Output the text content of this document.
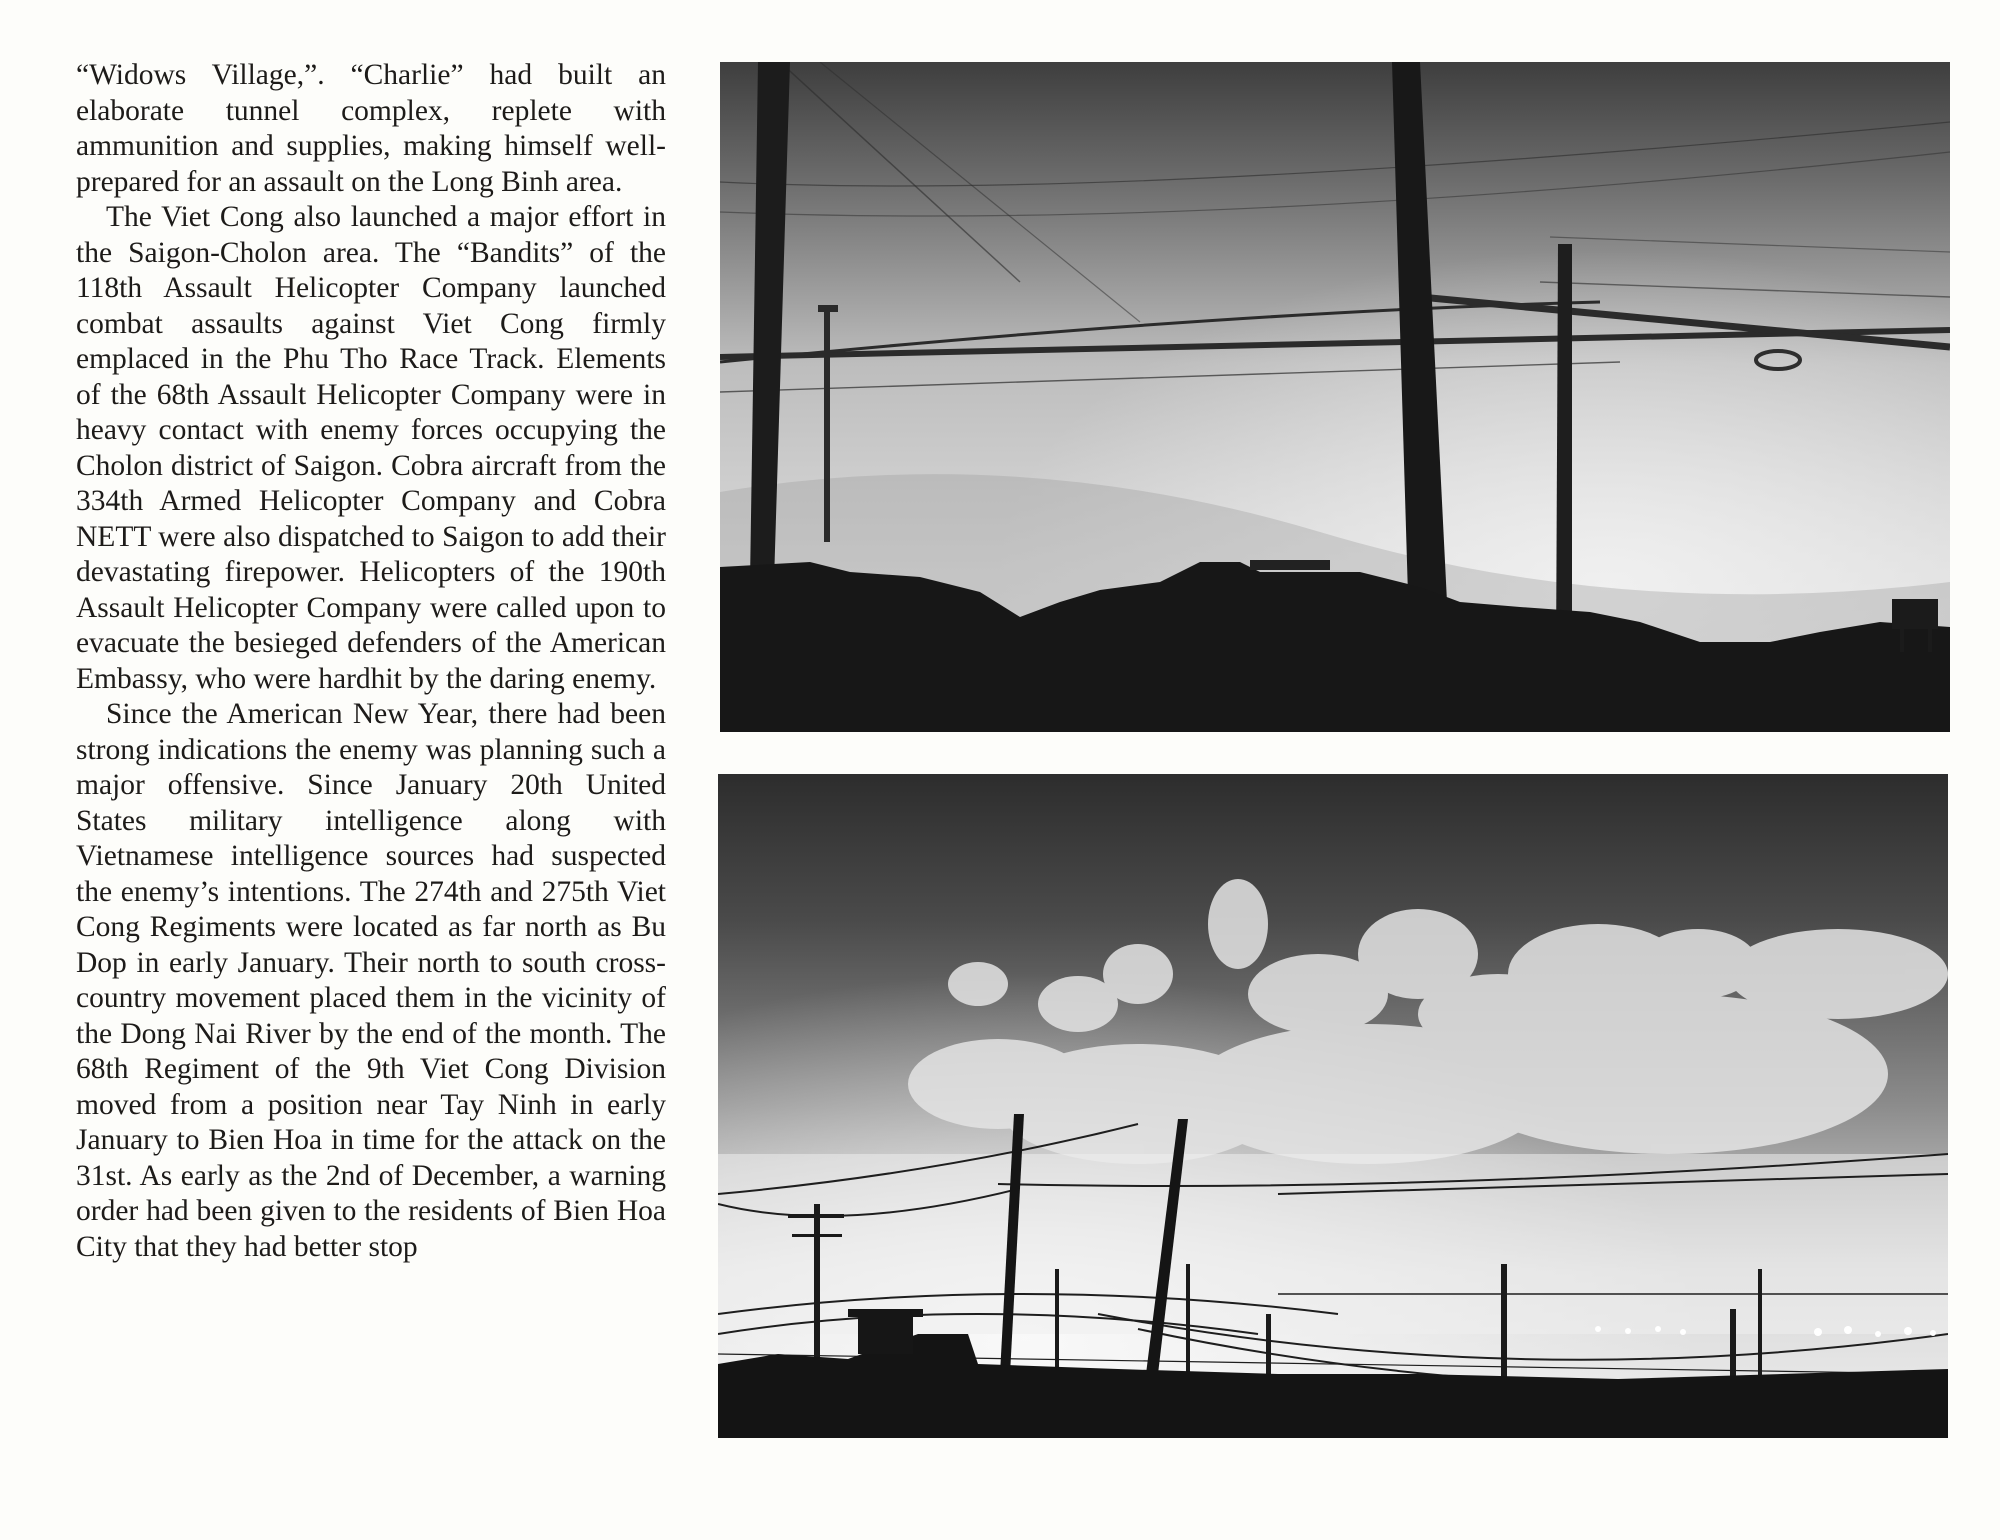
“Widows Village,”. “Charlie” had built an elaborate tunnel complex, replete with ammunition and supplies, making himself well-prepared for an assault on the Long Binh area.

The Viet Cong also launched a major effort in the Saigon-Cholon area. The “Bandits” of the 118th Assault Helicopter Company launched combat assaults against Viet Cong firmly emplaced in the Phu Tho Race Track. Elements of the 68th Assault Helicopter Company were in heavy contact with enemy forces occupying the Cholon district of Saigon. Cobra aircraft from the 334th Armed Helicopter Company and Cobra NETT were also dispatched to Saigon to add their devastating firepower. Helicopters of the 190th Assault Helicopter Company were called upon to evacuate the besieged defenders of the American Embassy, who were hardhit by the daring enemy.

Since the American New Year, there had been strong indications the enemy was planning such a major offensive. Since January 20th United States military intelligence along with Vietnamese intelligence sources had suspected the enemy’s intentions. The 274th and 275th Viet Cong Regiments were located as far north as Bu Dop in early January. Their north to south cross-country movement placed them in the vicinity of the Dong Nai River by the end of the month. The 68th Regiment of the 9th Viet Cong Division moved from a position near Tay Ninh in early January to Bien Hoa in time for the attack on the 31st. As early as the 2nd of December, a warning order had been given to the residents of Bien Hoa City that they had better stop
